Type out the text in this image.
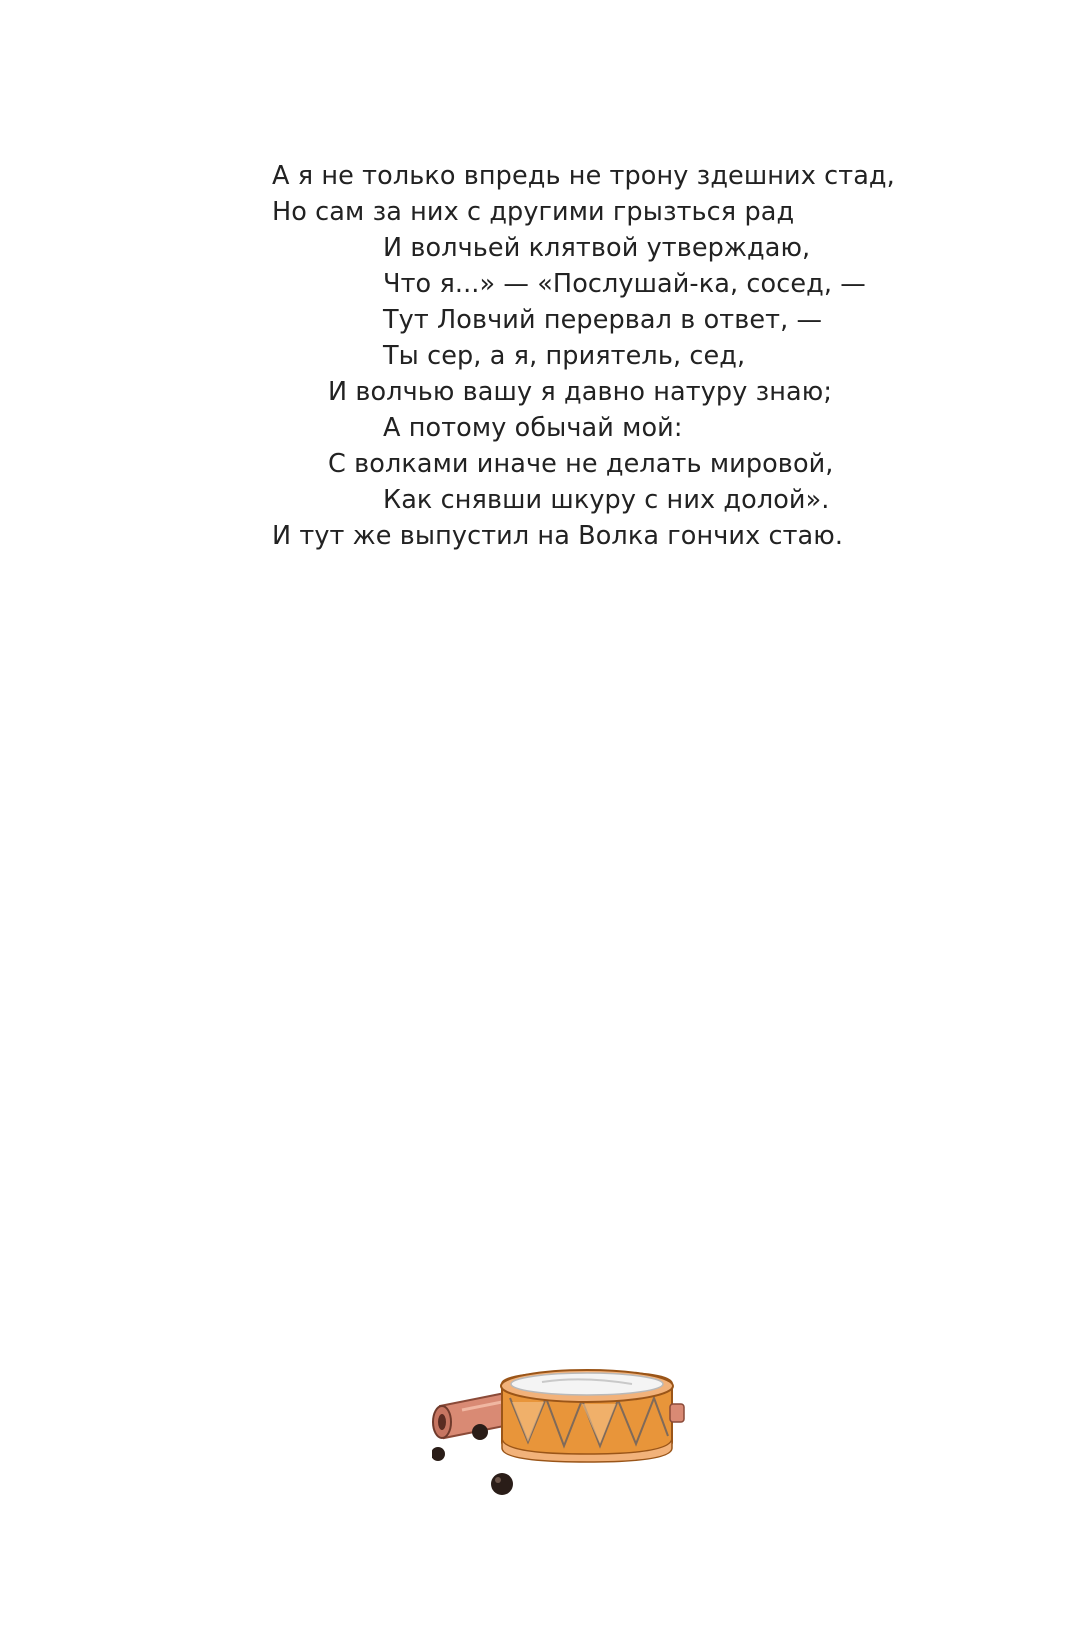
А я не только впредь не трону здешних стад,
Но сам за них с другими грызться рад
И волчьей клятвой утверждаю,
Что я...» — «Послушай-ка, сосед, —
Тут Ловчий перервал в ответ, —
Ты сер, а я, приятель, сед,
И волчью вашу я давно натуру знаю;
А потому обычай мой:
С волками иначе не делать мировой,
Как снявши шкуру с них долой».
И тут же выпустил на Волка гончих стаю.
